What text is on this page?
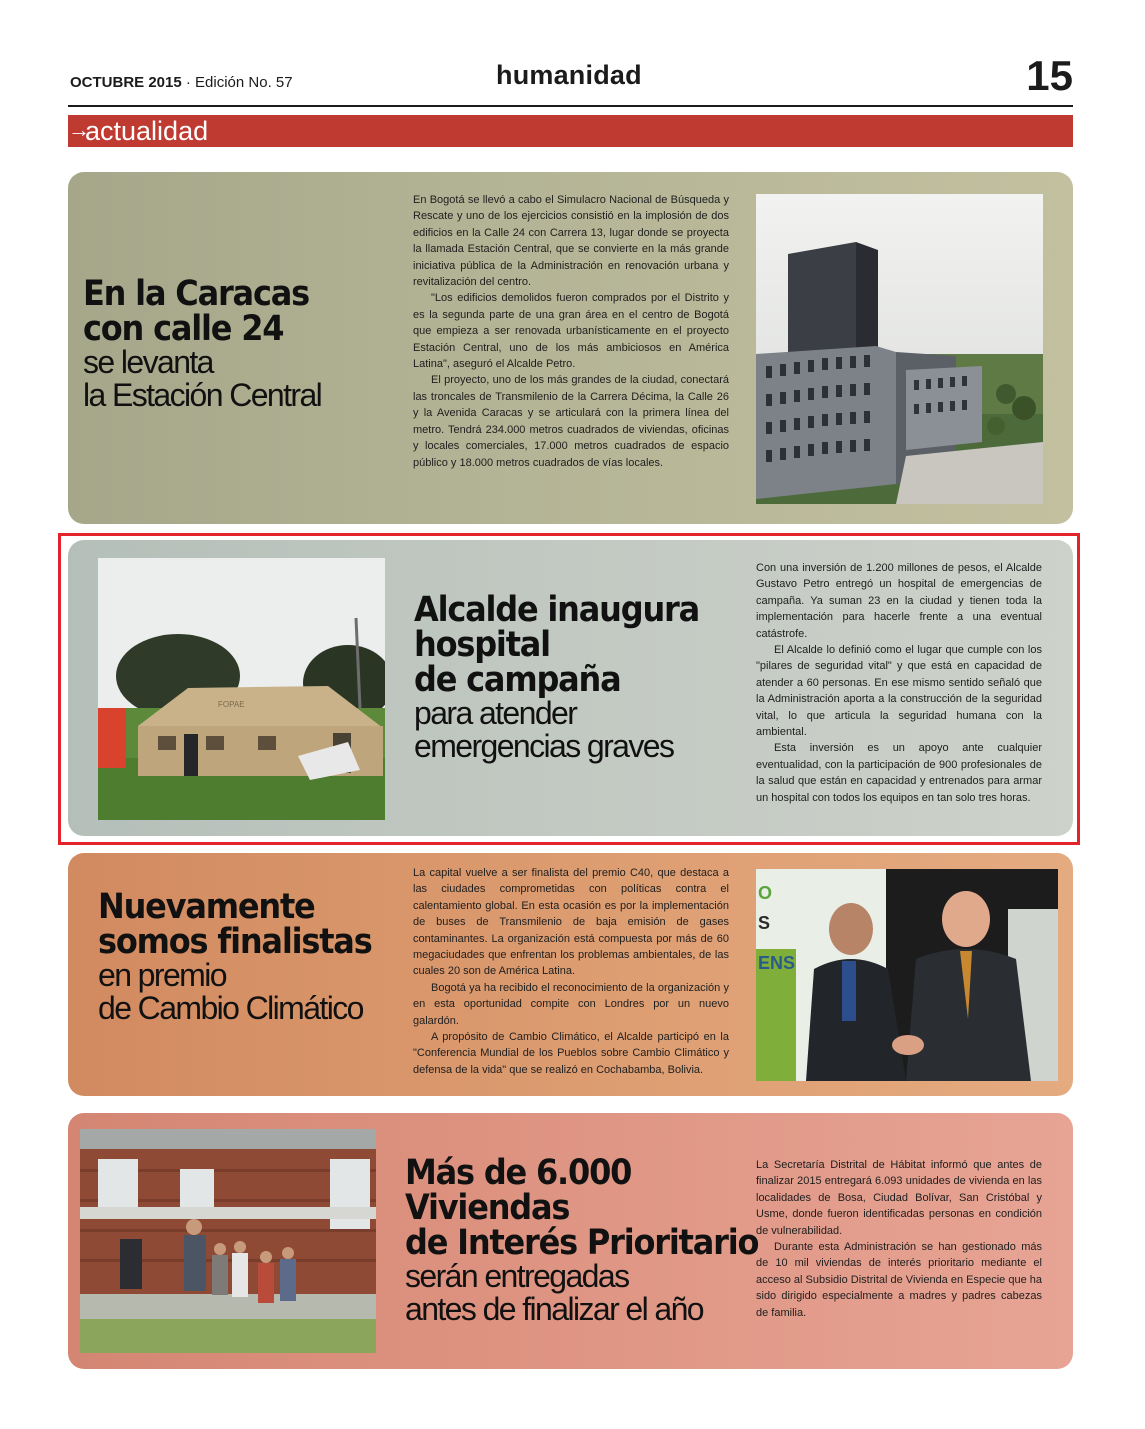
OCTUBRE 2015 · Edición No. 57	humanidad	15
→
actualidad
En la Caracas
con calle 24
se levanta
la Estación Central

En Bogotá se llevó a cabo el Simulacro Nacional de Búsqueda y Rescate y uno de los ejercicios consistió en la implosión de dos edificios en la Calle 24 con Carrera 13, lugar donde se proyecta la llamada Estación Central, que se convierte en la más grande iniciativa pública de la Administración en renovación urbana y revitalización del centro.

"Los edificios demolidos fueron comprados por el Distrito y es la segunda parte de una gran área en el centro de Bogotá que empieza a ser renovada urbanísticamente en el proyecto Estación Central, uno de los más ambiciosos en América Latina", aseguró el Alcalde Petro.

El proyecto, uno de los más grandes de la ciudad, conectará las troncales de Transmilenio de la Carrera Décima, la Calle 26 y la Avenida Caracas y se articulará con la primera línea del metro. Tendrá 234.000 metros cuadrados de viviendas, oficinas y locales comerciales, 17.000 metros cuadrados de espacio público y 18.000 metros cuadrados de vías locales.

FOPAE
Alcalde inaugura
hospital
de campaña
para atender
emergencias graves

Con una inversión de 1.200 millones de pesos, el Alcalde Gustavo Petro entregó un hospital de emergencias de campaña. Ya suman 23 en la ciudad y tienen toda la implementación para hacerle frente a una eventual catástrofe.

El Alcalde lo definió como el lugar que cumple con los "pilares de seguridad vital" y que está en capacidad de atender a 60 personas. En ese mismo sentido señaló que la Administración aporta a la construcción de la seguridad vital, lo que articula la seguridad humana con la ambiental.

Esta inversión es un apoyo ante cualquier eventualidad, con la participación de 900 profesionales de la salud que están en capacidad y entrenados para armar un hospital con todos los equipos en tan solo tres horas.

Nuevamente
somos finalistas
en premio
de Cambio Climático

La capital vuelve a ser finalista del premio C40, que destaca a las ciudades comprometidas con políticas contra el calentamiento global. En esta ocasión es por la implementación de buses de Transmilenio de baja emisión de gases contaminantes. La organización está compuesta por más de 60 megaciudades que enfrentan los problemas ambientales, de las cuales 20 son de América Latina.

Bogotá ya ha recibido el reconocimiento de la organización y en esta oportunidad compite con Londres por un nuevo galardón.

A propósito de Cambio Climático, el Alcalde participó en la "Conferencia Mundial de los Pueblos sobre Cambio Climático y defensa de la vida" que se realizó en Cochabamba, Bolivia.

O
S
ENS
Más de 6.000
Viviendas
de Interés Prioritario
serán entregadas
antes de finalizar el año

La Secretaría Distrital de Hábitat informó que antes de finalizar 2015 entregará 6.093 unidades de vivienda en las localidades de Bosa, Ciudad Bolívar, San Cristóbal y Usme, donde fueron identificadas personas en condición de vulnerabilidad.

Durante esta Administración se han gestionado más de 10 mil viviendas de interés prioritario mediante el acceso al Subsidio Distrital de Vivienda en Especie que ha sido dirigido especialmente a madres y padres cabezas de familia.
